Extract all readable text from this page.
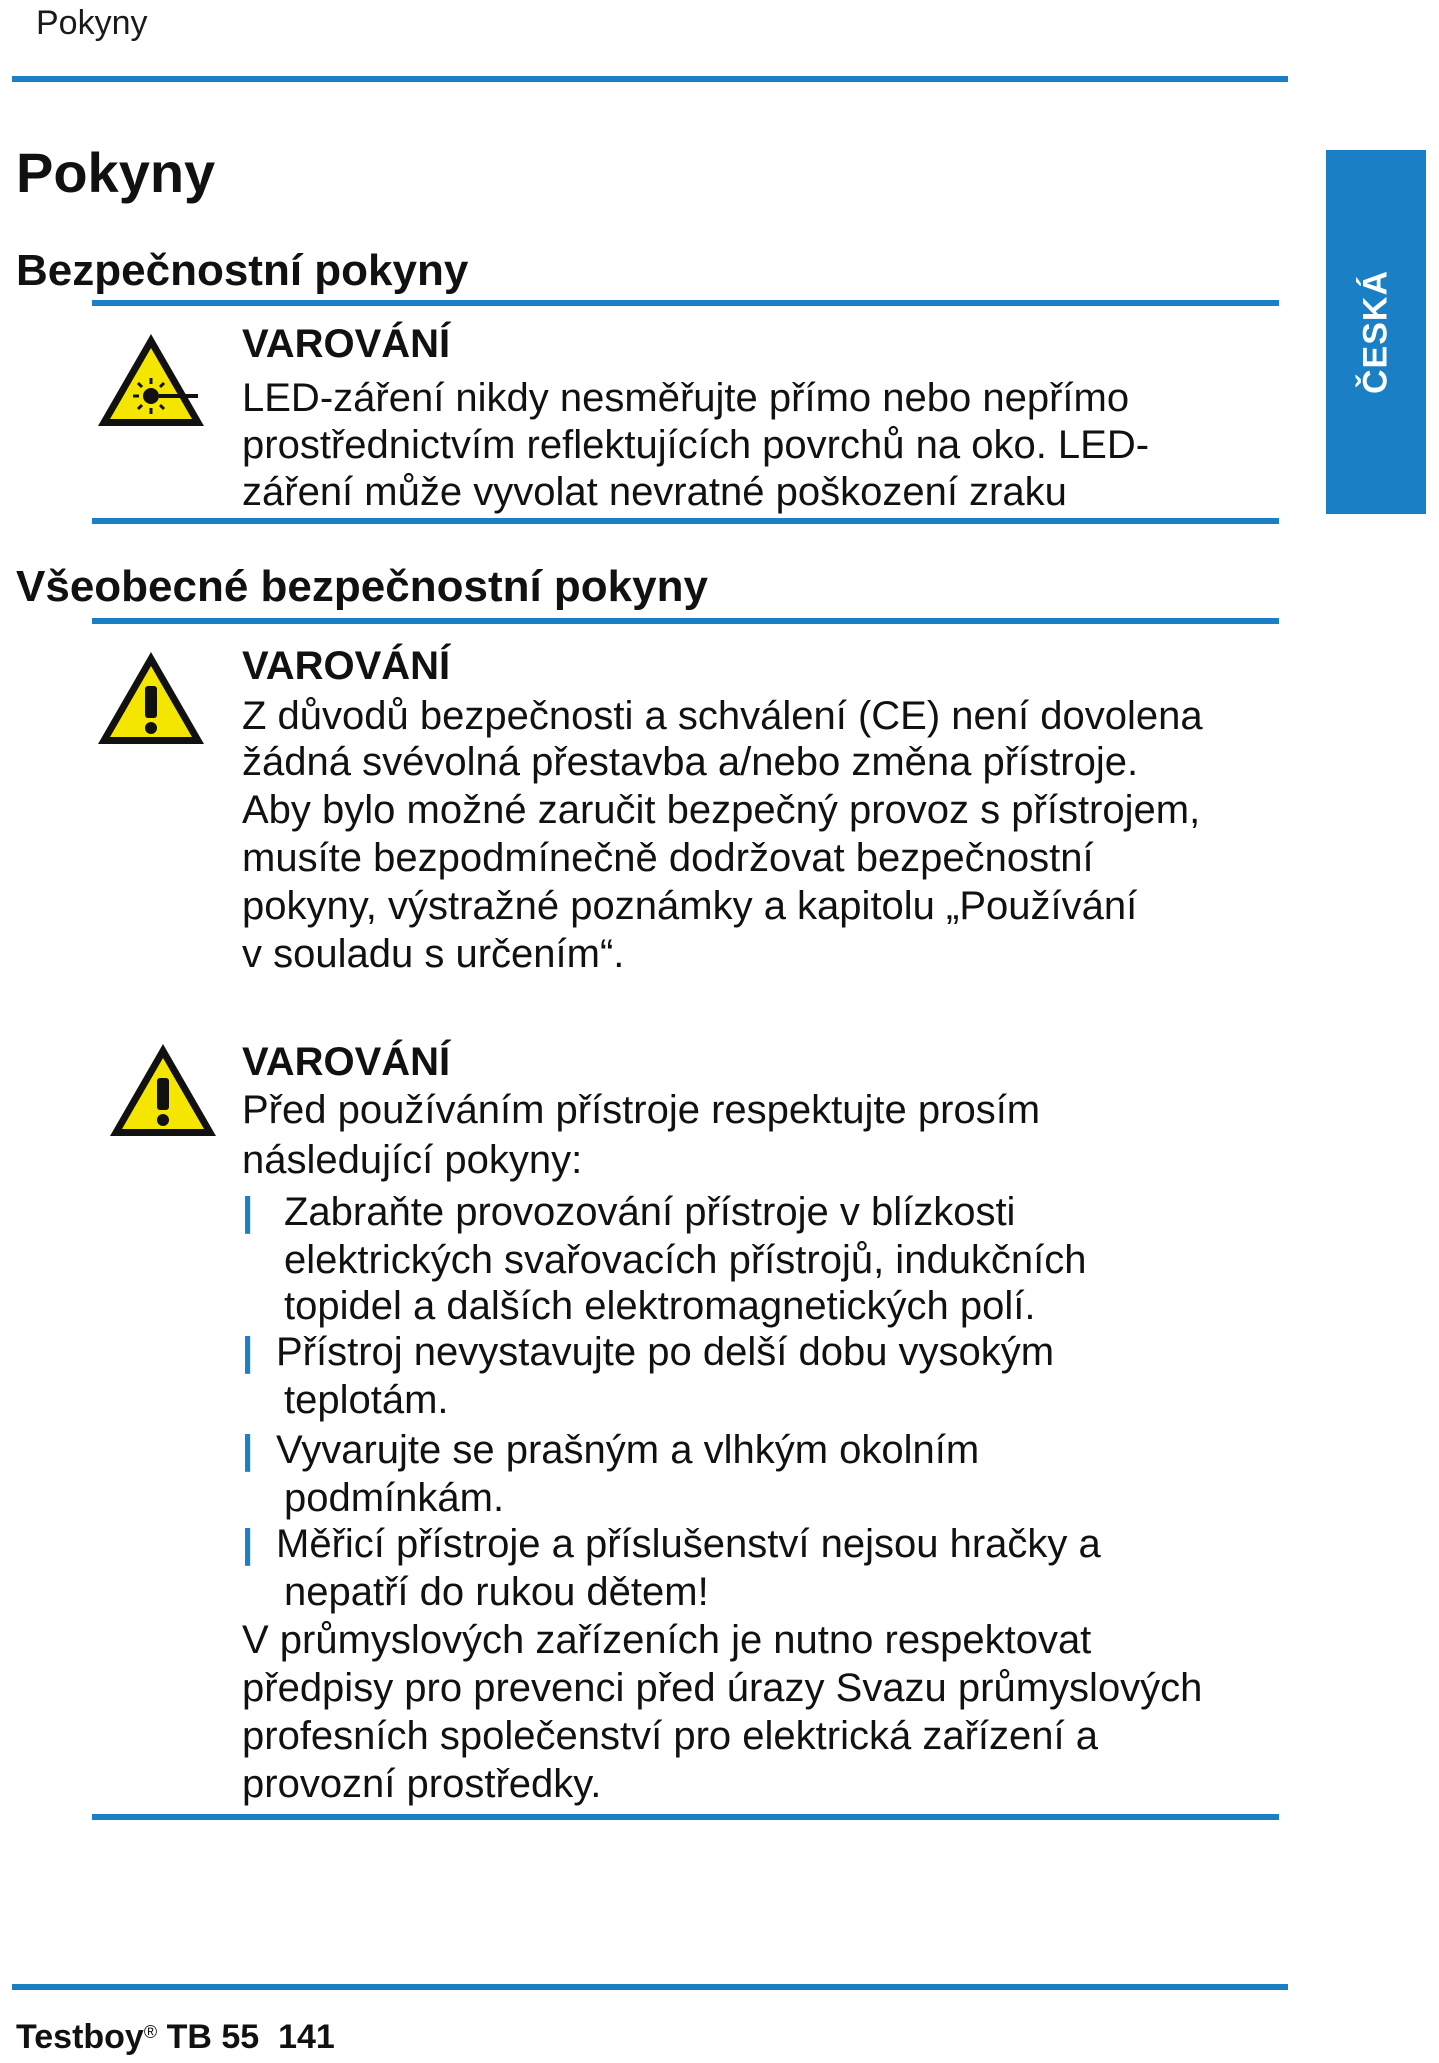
Pokyny
ČESKÁ
Pokyny
Bezpečnostní pokyny
VAROVÁNÍ
LED-záření nikdy nesměřujte přímo nebo nepřímo
prostřednictvím reflektujících povrchů na oko. LED-
záření může vyvolat nevratné poškození zraku
Všeobecné bezpečnostní pokyny
VAROVÁNÍ
Z důvodů bezpečnosti a schválení (CE) není dovolena
žádná svévolná přestavba a/nebo změna přístroje.
Aby bylo možné zaručit bezpečný provoz s přístrojem,
musíte bezpodmínečně dodržovat bezpečnostní
pokyny, výstražné poznámky a kapitolu „Používání
v souladu s určením“.
VAROVÁNÍ
Před používáním přístroje respektujte prosím
následující pokyny:
| Zabraňte provozování přístroje v blízkosti
elektrických svařovacích přístrojů, indukčních
topidel a dalších elektromagnetických polí.
| Přístroj nevystavujte po delší dobu vysokým
teplotám.
| Vyvarujte se prašným a vlhkým okolním
podmínkám.
| Měřicí přístroje a příslušenství nejsou hračky a
nepatří do rukou dětem!
V průmyslových zařízeních je nutno respektovat
předpisy pro prevenci před úrazy Svazu průmyslových
profesních společenství pro elektrická zařízení a
provozní prostředky.
Testboy® TB 55 141
